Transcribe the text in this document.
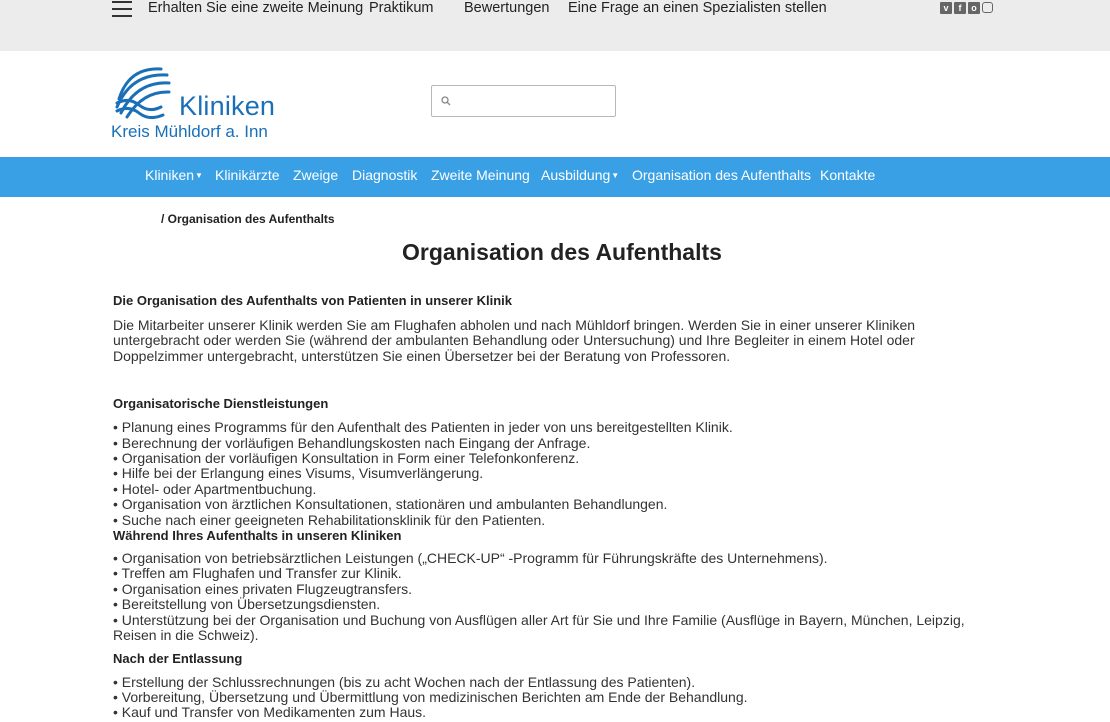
Erhalten Sie eine zweite Meinung Praktikum Bewertungen Eine Frage an einen Spezialisten stellen	v	f	o
Kliniken
Kreis Mühldorf a. Inn
Kliniken▼ Klinikärzte Zweige Diagnostik Zweite Meinung Ausbildung▼ Organisation des Aufenthalts Kontakte
/ Organisation des Aufenthalts
Organisation des Aufenthalts
Die Organisation des Aufenthalts von Patienten in unserer Klinik

Die Mitarbeiter unserer Klinik werden Sie am Flughafen abholen und nach Mühldorf bringen. Werden Sie in einer unserer Kliniken untergebracht oder werden Sie (während der ambulanten Behandlung oder Untersuchung) und Ihre Begleiter in einem Hotel oder Doppelzimmer untergebracht, unterstützen Sie einen Übersetzer bei der Beratung von Professoren.

Organisatorische Dienstleistungen

• Planung eines Programms für den Aufenthalt des Patienten in jeder von uns bereitgestellten Klinik.

• Berechnung der vorläufigen Behandlungskosten nach Eingang der Anfrage.

• Organisation der vorläufigen Konsultation in Form einer Telefonkonferenz.

• Hilfe bei der Erlangung eines Visums, Visumverlängerung.

• Hotel- oder Apartmentbuchung.

• Organisation von ärztlichen Konsultationen, stationären und ambulanten Behandlungen.

• Suche nach einer geeigneten Rehabilitationsklinik für den Patienten.

Während Ihres Aufenthalts in unseren Kliniken

• Organisation von betriebsärztlichen Leistungen („CHECK-UP“ -Programm für Führungskräfte des Unternehmens).

• Treffen am Flughafen und Transfer zur Klinik.

• Organisation eines privaten Flugzeugtransfers.

• Bereitstellung von Übersetzungsdiensten.

• Unterstützung bei der Organisation und Buchung von Ausflügen aller Art für Sie und Ihre Familie (Ausflüge in Bayern, München, Leipzig, Reisen in die Schweiz).

Nach der Entlassung

• Erstellung der Schlussrechnungen (bis zu acht Wochen nach der Entlassung des Patienten).

• Vorbereitung, Übersetzung und Übermittlung von medizinischen Berichten am Ende der Behandlung.

• Kauf und Transfer von Medikamenten zum Haus.
